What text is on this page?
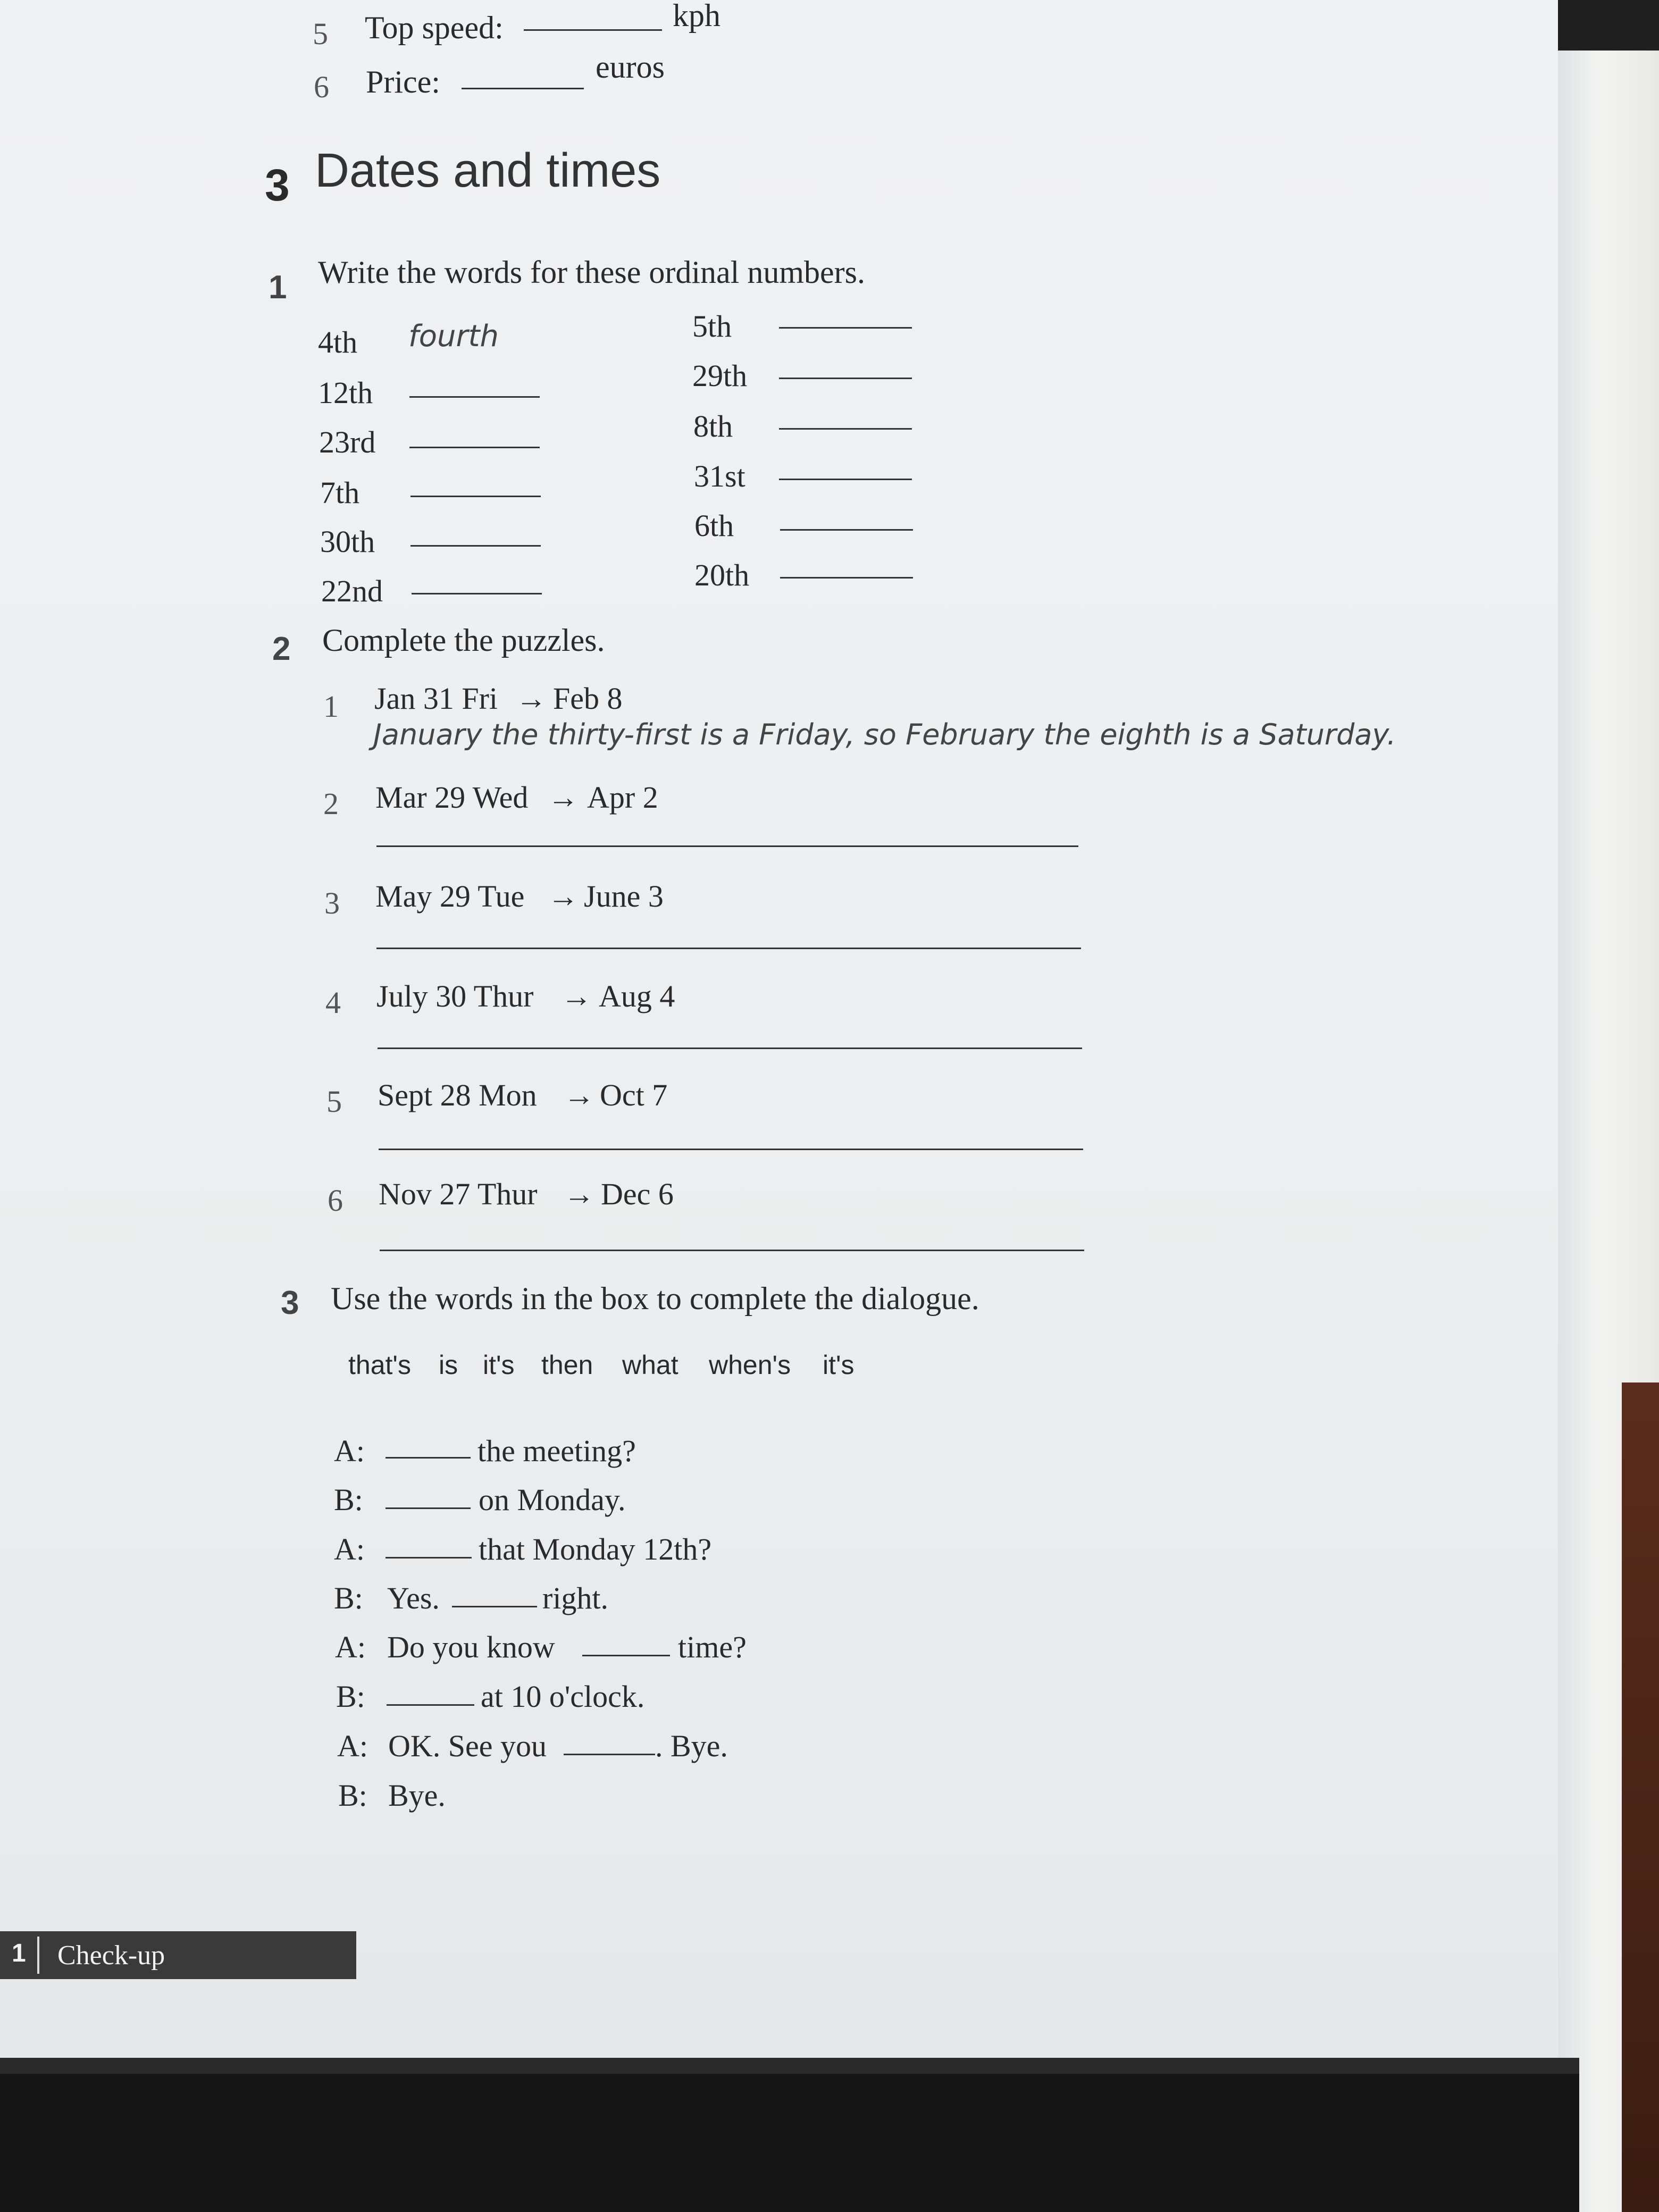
5 Top speed:	kph
6 Price:	euros
3 Dates and times
1 Write the words for these ordinal numbers.
4th fourth
12th
23rd
7th
30th
22nd
5th
29th
8th
31st
6th
20th
2 Complete the puzzles.
1 Jan 31 Fri → Feb 8
January the thirty-first is a Friday, so February the eighth is a Saturday.
2 Mar 29 Wed → Apr 2
3 May 29 Tue → June 3
4 July 30 Thur → Aug 4
5 Sept 28 Mon → Oct 7
6 Nov 27 Thur → Dec 6
3 Use the words in the box to complete the dialogue.
that's is it's then what when's it's
A:	the meeting?
B:	on Monday.
A:	that Monday 12th?
B: Yes.	right.
A: Do you know	time?
B:	at 10 o'clock.
A: OK. See you	. Bye.
B: Bye.
1 Check-up
